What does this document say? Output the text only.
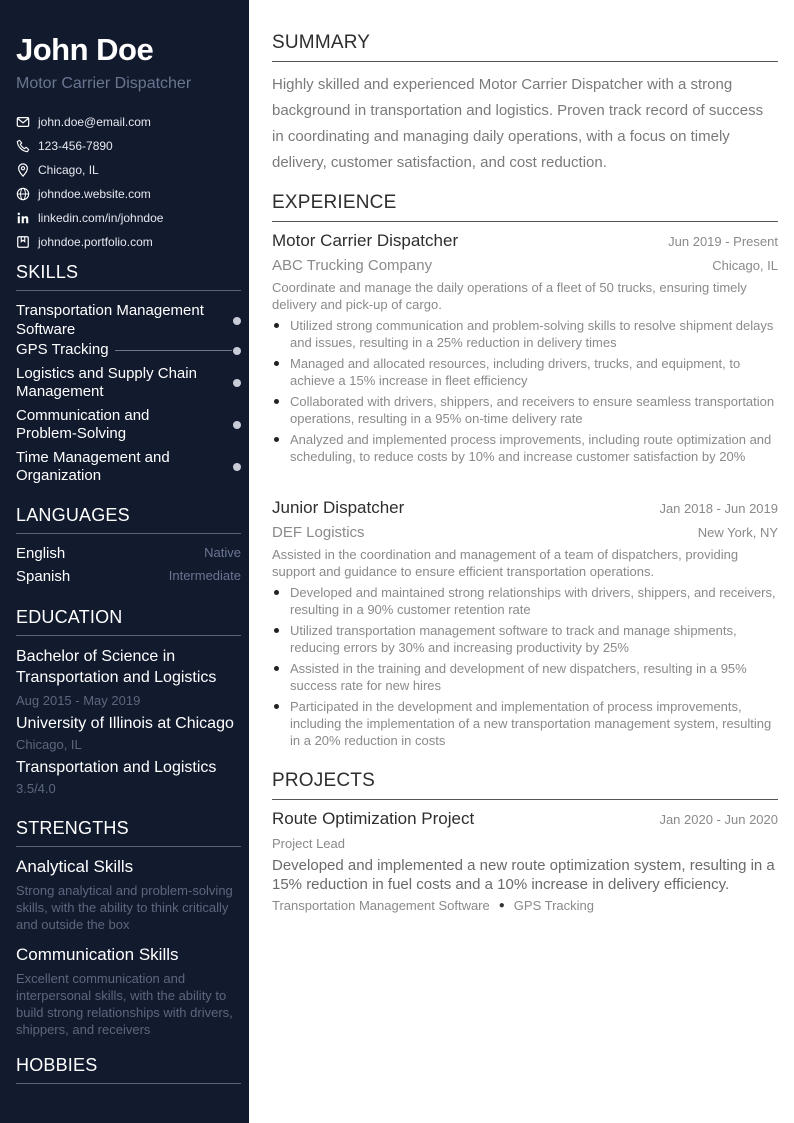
John Doe
Motor Carrier Dispatcher
john.doe@email.com
123-456-7890
Chicago, IL
johndoe.website.com
linkedin.com/in/johndoe
johndoe.portfolio.com
SKILLS
Transportation Management Software
GPS Tracking
Logistics and Supply Chain Management
Communication and Problem-Solving
Time Management and Organization
LANGUAGES
English	Native
Spanish	Intermediate
EDUCATION
Bachelor of Science in Transportation and Logistics
Aug 2015 - May 2019
University of Illinois at Chicago
Chicago, IL
Transportation and Logistics
3.5/4.0
STRENGTHS
Analytical Skills
Strong analytical and problem-solving skills, with the ability to think critically and outside the box
Communication Skills
Excellent communication and interpersonal skills, with the ability to build strong relationships with drivers, shippers, and receivers
HOBBIES
SUMMARY
Highly skilled and experienced Motor Carrier Dispatcher with a strong background in transportation and logistics. Proven track record of success in coordinating and managing daily operations, with a focus on timely delivery, customer satisfaction, and cost reduction.
EXPERIENCE
Motor Carrier Dispatcher	Jun 2019 - Present
ABC Trucking Company	Chicago, IL
Coordinate and manage the daily operations of a fleet of 50 trucks, ensuring timely delivery and pick-up of cargo.
Utilized strong communication and problem-solving skills to resolve shipment delays and issues, resulting in a 25% reduction in delivery times
Managed and allocated resources, including drivers, trucks, and equipment, to achieve a 15% increase in fleet efficiency
Collaborated with drivers, shippers, and receivers to ensure seamless transportation operations, resulting in a 95% on-time delivery rate
Analyzed and implemented process improvements, including route optimization and scheduling, to reduce costs by 10% and increase customer satisfaction by 20%
Junior Dispatcher	Jan 2018 - Jun 2019
DEF Logistics	New York, NY
Assisted in the coordination and management of a team of dispatchers, providing support and guidance to ensure efficient transportation operations.
Developed and maintained strong relationships with drivers, shippers, and receivers, resulting in a 90% customer retention rate
Utilized transportation management software to track and manage shipments, reducing errors by 30% and increasing productivity by 25%
Assisted in the training and development of new dispatchers, resulting in a 95% success rate for new hires
Participated in the development and implementation of process improvements, including the implementation of a new transportation management system, resulting in a 20% reduction in costs
PROJECTS
Route Optimization Project	Jan 2020 - Jun 2020
Project Lead
Developed and implemented a new route optimization system, resulting in a 15% reduction in fuel costs and a 10% increase in delivery efficiency.
Transportation Management Software ● GPS Tracking
